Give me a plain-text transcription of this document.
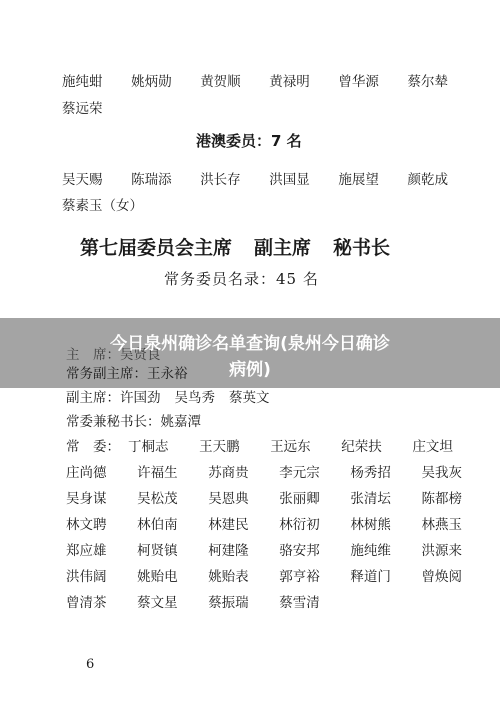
施纯蚶 姚炳勋 黄贺顺 黄禄明 曾华源 蔡尔辇
蔡远荣
港澳委员：7 名
吴天赐 陈瑞添 洪长存 洪国显 施展望 颜乾成
蔡素玉（女）
第七届委员会主席 副主席 秘书长
常务委员名录：45 名
今日泉州确诊名单查询(泉州今日确诊
病例)
常务副主席：王永裕
副主席：许国劲 吴鸟秀 蔡英文
常委兼秘书长：姚嘉潭
常　委： 丁桐志 王天鹏 王远东 纪荣扶 庄文坦
庄尚德 许福生 苏商贵 李元宗 杨秀招 吴我灰
吴身谋 吴松茂 吴恩典 张丽卿 张清坛 陈都榜
林文聘 林伯南 林建民 林衍初 林树熊 林燕玉
郑应雄 柯贤镇 柯建隆 骆安邦 施纯维 洪源来
洪伟阔 姚贻电 姚贻表 郭亨裕 释道门 曾焕阅
曾清茶 蔡文星 蔡振瑞 蔡雪清
6
